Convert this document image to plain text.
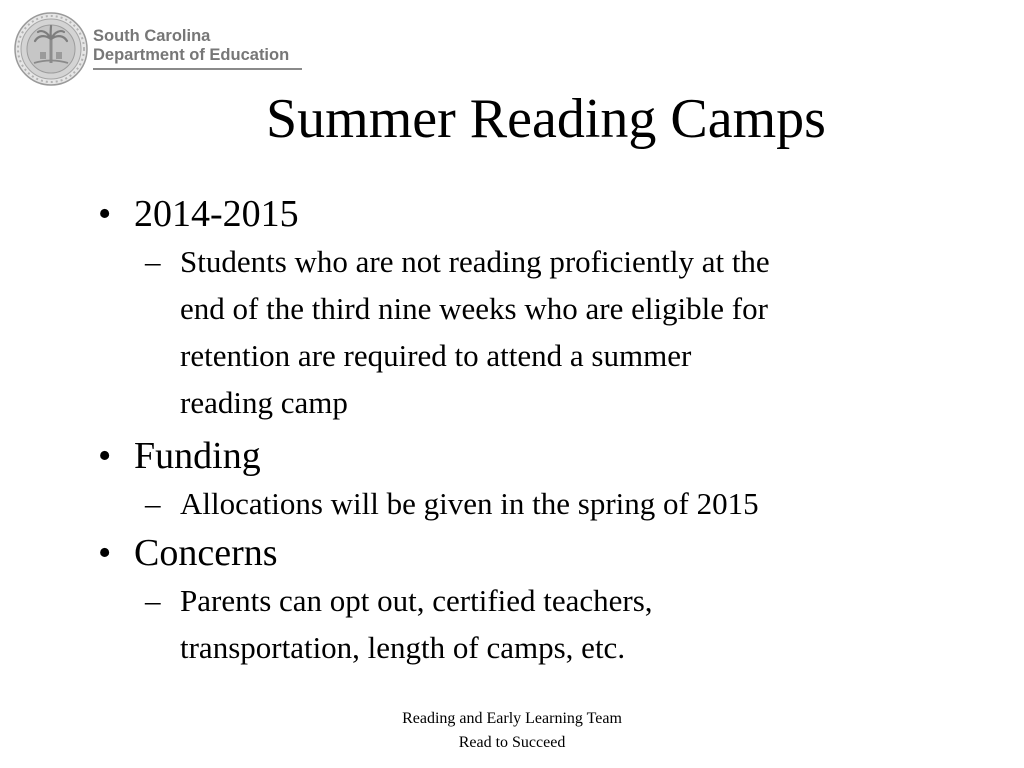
South Carolina
Department of Education
Summer Reading Camps
• 2014-2015
– Students who are not reading proficiently at the
end of the third nine weeks who are eligible for
retention are required to attend a summer
reading camp
• Funding
– Allocations will be given in the spring of 2015
• Concerns
– Parents can opt out, certified teachers,
transportation, length of camps, etc.
Reading and Early Learning Team
Read to Succeed
